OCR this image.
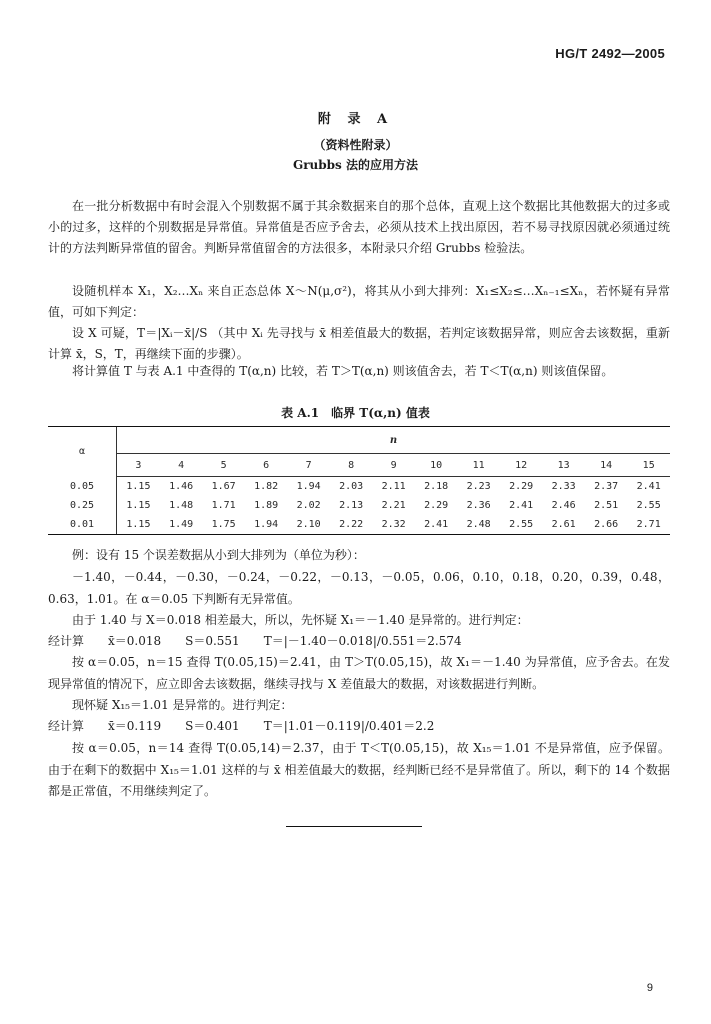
HG/T 2492—2005
附 录 A
（资料性附录）
Grubbs 法的应用方法
在一批分析数据中有时会混入个别数据不属于其余数据来自的那个总体，直观上这个数据比其他数据大的过多或小的过多，这样的个别数据是异常值。异常值是否应予舍去，必须从技术上找出原因，若不易寻找原因就必须通过统计的方法判断异常值的留舍。判断异常值留舍的方法很多，本附录只介绍 Grubbs 检验法。
设随机样本 X₁，X₂…Xₙ 来自正态总体 X～N(μ,σ²)，将其从小到大排列：X₁≤X₂≤…Xₙ₋₁≤Xₙ，若怀疑有异常值，可如下判定：
设 X 可疑，T＝|Xᵢ－x̄|/S （其中 Xᵢ 先寻找与 x̄ 相差值最大的数据，若判定该数据异常，则应舍去该数据，重新计算 x̄，S，T，再继续下面的步骤）。
将计算值 T 与表 A.1 中查得的 T(α,n) 比较，若 T＞T(α,n) 则该值舍去，若 T＜T(α,n) 则该值保留。
表 A.1　临界 T(α,n) 值表
α	n												
	3	4	5	6	7	8	9	10	11	12	13	14	15
0.05	1.15	1.46	1.67	1.82	1.94	2.03	2.11	2.18	2.23	2.29	2.33	2.37	2.41
0.25	1.15	1.48	1.71	1.89	2.02	2.13	2.21	2.29	2.36	2.41	2.46	2.51	2.55
0.01	1.15	1.49	1.75	1.94	2.10	2.22	2.32	2.41	2.48	2.55	2.61	2.66	2.71
例：设有 15 个误差数据从小到大排列为（单位为秒）：
－1.40，－0.44，－0.30，－0.24，－0.22，－0.13，－0.05，0.06，0.10，0.18，0.20，0.39，0.48，0.63，1.01。在 α＝0.05 下判断有无异常值。
由于 1.40 与 X＝0.018 相差最大，所以，先怀疑 X₁＝－1.40 是异常的。进行判定：
经计算　　x̄＝0.018　　S＝0.551　　T＝|－1.40－0.018|/0.551＝2.574
按 α＝0.05，n＝15 查得 T(0.05,15)＝2.41，由 T＞T(0.05,15)，故 X₁＝－1.40 为异常值，应予舍去。在发现异常值的情况下，应立即舍去该数据，继续寻找与 X 差值最大的数据，对该数据进行判断。
现怀疑 X₁₅＝1.01 是异常的。进行判定：
经计算　　x̄＝0.119　　S＝0.401　　T＝|1.01－0.119|/0.401＝2.2
按 α＝0.05，n＝14 查得 T(0.05,14)＝2.37，由于 T＜T(0.05,15)，故 X₁₅＝1.01 不是异常值，应予保留。由于在剩下的数据中 X₁₅＝1.01 这样的与 x̄ 相差值最大的数据，经判断已经不是异常值了。所以，剩下的 14 个数据都是正常值，不用继续判定了。
9
